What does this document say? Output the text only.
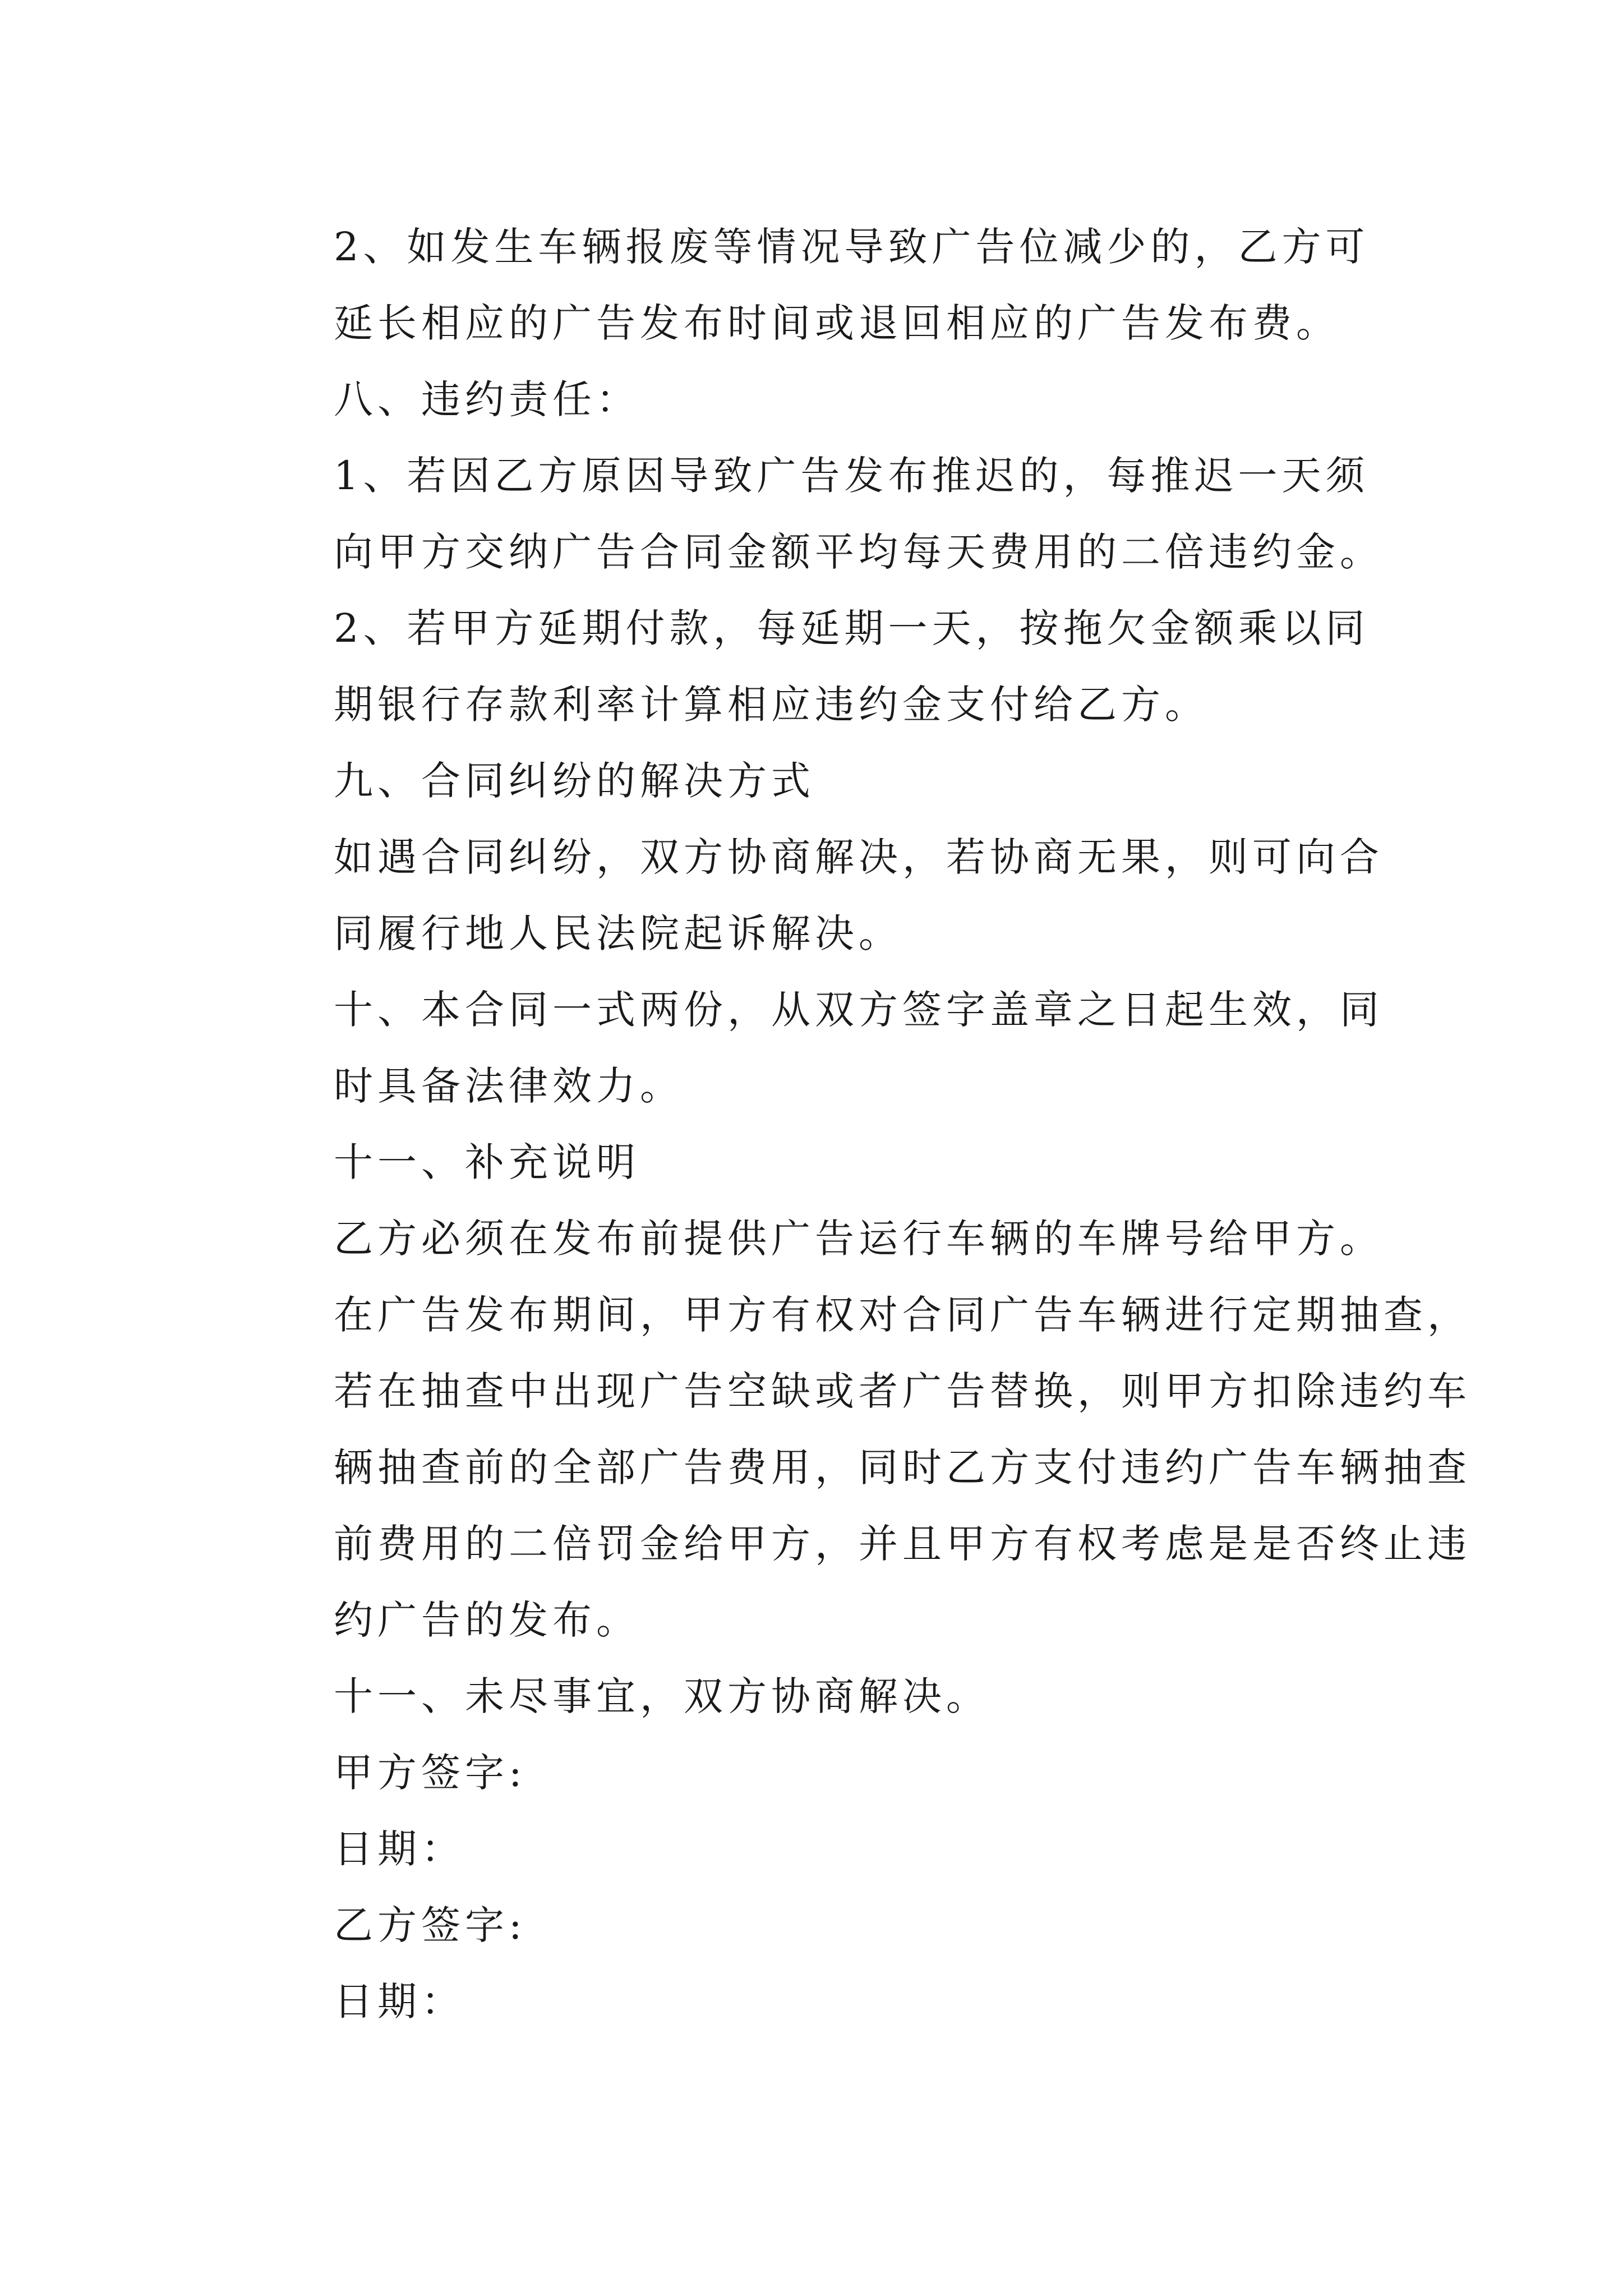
2、如发生车辆报废等情况导致广告位减少的，乙方可
延长相应的广告发布时间或退回相应的广告发布费。

八、违约责任：

1、若因乙方原因导致广告发布推迟的，每推迟一天须
向甲方交纳广告合同金额平均每天费用的二倍违约金。

2、若甲方延期付款，每延期一天，按拖欠金额乘以同
期银行存款利率计算相应违约金支付给乙方。

九、合同纠纷的解决方式

如遇合同纠纷，双方协商解决，若协商无果，则可向合
同履行地人民法院起诉解决。

十、本合同一式两份，从双方签字盖章之日起生效，同
时具备法律效力。

十一、补充说明

乙方必须在发布前提供广告运行车辆的车牌号给甲方。
在广告发布期间，甲方有权对合同广告车辆进行定期抽查，
若在抽查中出现广告空缺或者广告替换，则甲方扣除违约车
辆抽查前的全部广告费用，同时乙方支付违约广告车辆抽查
前费用的二倍罚金给甲方，并且甲方有权考虑是是否终止违
约广告的发布。

十一、未尽事宜，双方协商解决。

甲方签字:

日期：

乙方签字:

日期：
